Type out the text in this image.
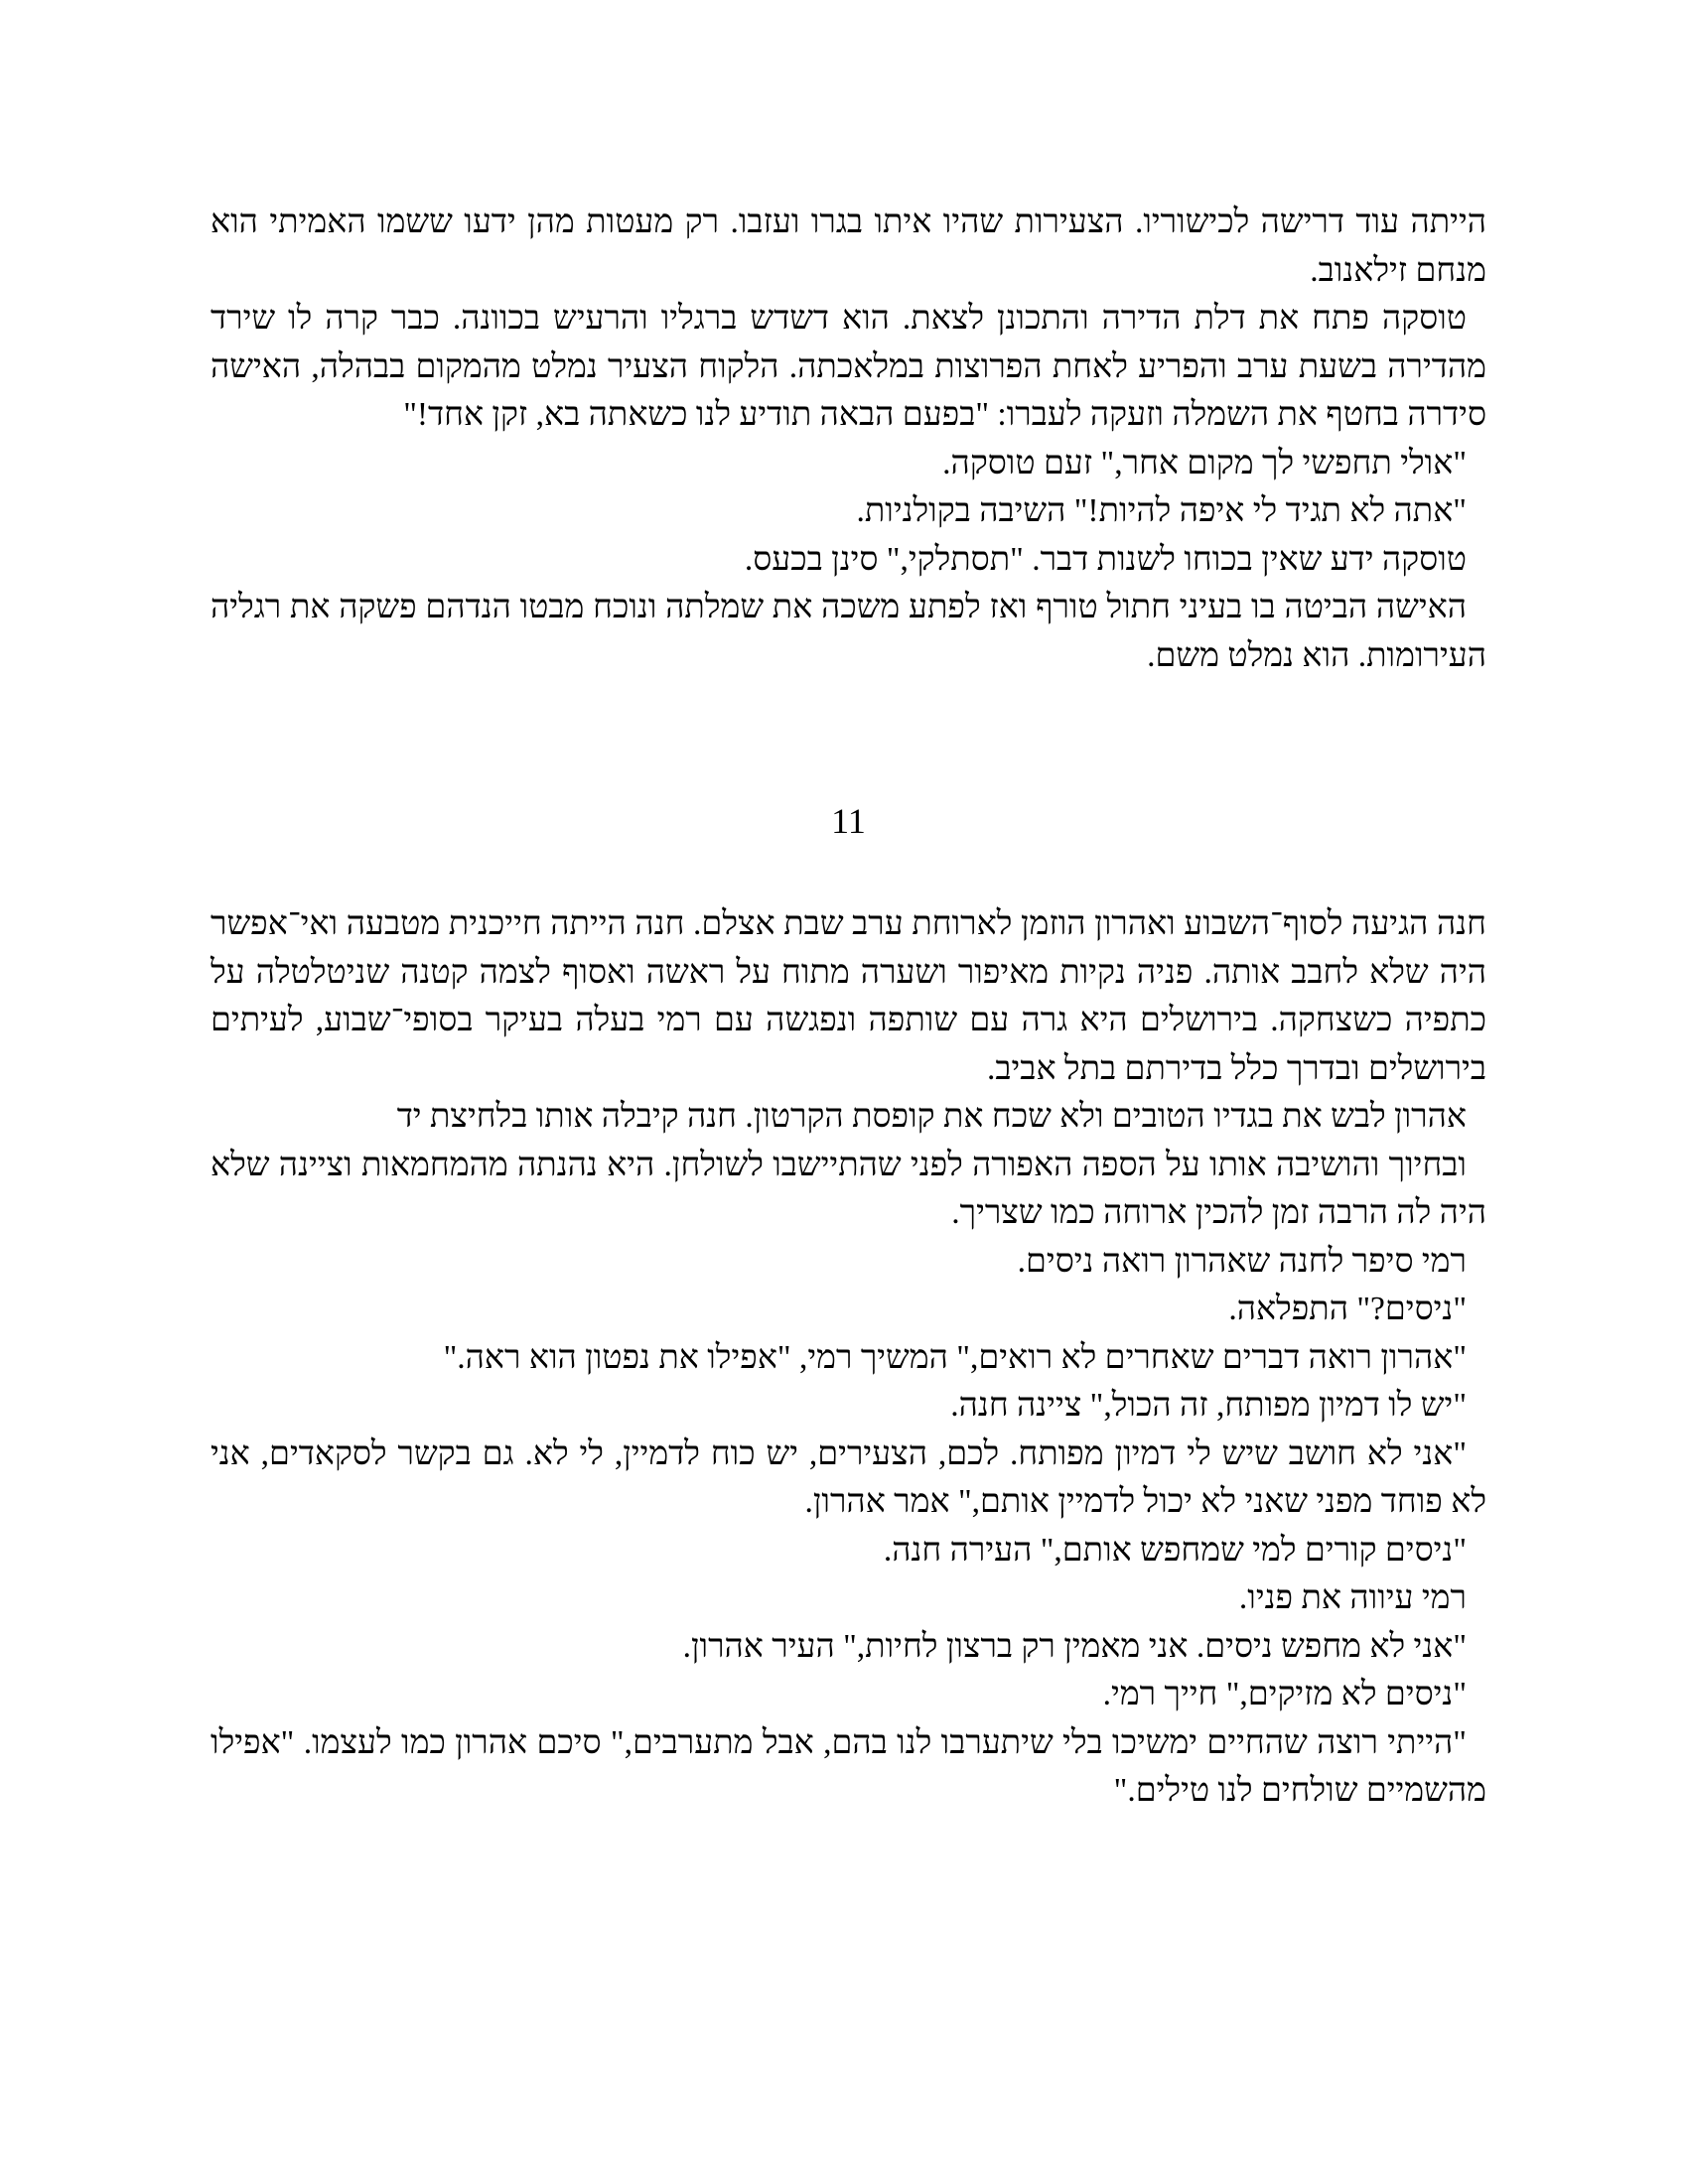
הייתה עוד דרישה לכישוריו. הצעירות שהיו איתו בגרו ועזבו. רק מעטות מהן ידעו ששמו האמיתי הוא מנחם זילאנוב.

טוסקה פתח את דלת הדירה והתכונן לצאת. הוא דשדש ברגליו והרעיש בכוונה. כבר קרה לו שירד מהדירה בשעת ערב והפריע לאחת הפרוצות במלאכתה. הלקוח הצעיר נמלט מהמקום בבהלה, האישה סידרה בחטף את השמלה וזעקה לעברו: "בפעם הבאה תודיע לנו כשאתה בא, זקן אחד!"

"אולי תחפשי לך מקום אחר," זעם טוסקה.

"אתה לא תגיד לי איפה להיות!" השיבה בקולניות.

טוסקה ידע שאין בכוחו לשנות דבר. "תסתלקי," סינן בכעס.

האישה הביטה בו בעיני חתול טורף ואז לפתע משכה את שמלתה ונוכח מבטו הנדהם פשקה את רגליה העירומות. הוא נמלט משם.

11

חנה הגיעה לסוף־השבוע ואהרון הוזמן לארוחת ערב שבת אצלם. חנה הייתה חייכנית מטבעה ואי־אפשר היה שלא לחבב אותה. פניה נקיות מאיפור ושערה מתוח על ראשה ואסוף לצמה קטנה שניטלטלה על כתפיה כשצחקה. בירושלים היא גרה עם שותפה ונפגשה עם רמי בעלה בעיקר בסופי־שבוע, לעיתים בירושלים ובדרך כלל בדירתם בתל אביב.

אהרון לבש את בגדיו הטובים ולא שכח את קופסת הקרטון. חנה קיבלה אותו בלחיצת יד

ובחיוך והושיבה אותו על הספה האפורה לפני שהתיישבו לשולחן. היא נהנתה מהמחמאות וציינה שלא היה לה הרבה זמן להכין ארוחה כמו שצריך.

רמי סיפר לחנה שאהרון רואה ניסים.

"ניסים?" התפלאה.

"אהרון רואה דברים שאחרים לא רואים," המשיך רמי, "אפילו את נפטון הוא ראה."

"יש לו דמיון מפותח, זה הכול," ציינה חנה.

"אני לא חושב שיש לי דמיון מפותח. לכם, הצעירים, יש כוח לדמיין, לי לא. גם בקשר לסקאדים, אני לא פוחד מפני שאני לא יכול לדמיין אותם," אמר אהרון.

"ניסים קורים למי שמחפש אותם," העירה חנה.

רמי עיווה את פניו.

"אני לא מחפש ניסים. אני מאמין רק ברצון לחיות," העיר אהרון.

"ניסים לא מזיקים," חייך רמי.

"הייתי רוצה שהחיים ימשיכו בלי שיתערבו לנו בהם, אבל מתערבים," סיכם אהרון כמו לעצמו. "אפילו מהשמיים שולחים לנו טילים."
